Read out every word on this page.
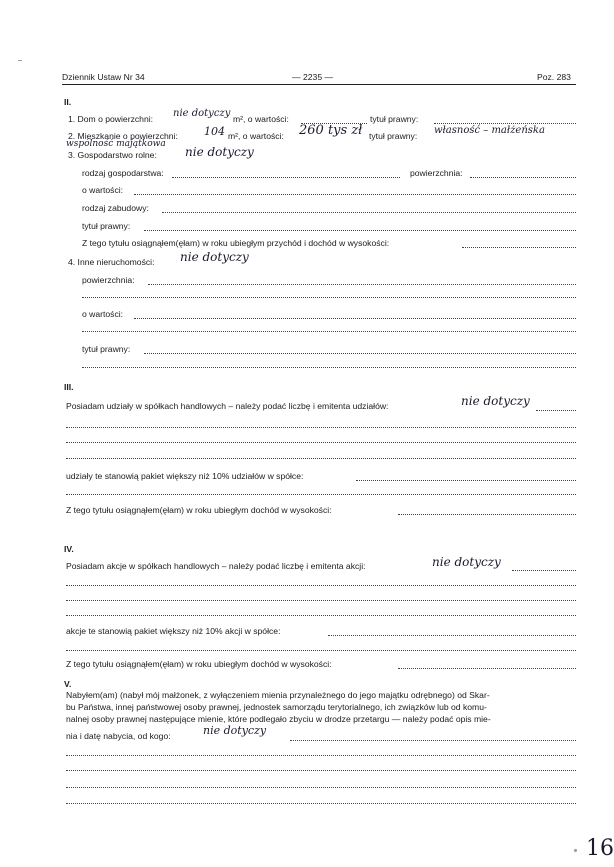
Dziennik Ustaw Nr 34	— 2235 —	Poz. 283
II.
1. Dom o powierzchni: nie dotyczy m², o wartości:	tytuł prawny:
2. Mieszkanie o powierzchni: 104 m², o wartości: 260 tys zł tytuł prawny: własność – małżeńska
wspólność majątkowa
3. Gospodarstwo rolne: nie dotyczy
rodzaj gospodarstwa:	powierzchnia:
o wartości:
rodzaj zabudowy:
tytuł prawny:
Z tego tytułu osiągnąłem(ęłam) w roku ubiegłym przychód i dochód w wysokości:
4. Inne nieruchomości: nie dotyczy
powierzchnia:
o wartości:
tytuł prawny:
III.
Posiadam udziały w spółkach handlowych – należy podać liczbę i emitenta udziałów:	nie dotyczy
udziały te stanowią pakiet większy niż 10% udziałów w spółce:
Z tego tytułu osiągnąłem(ęłam) w roku ubiegłym dochód w wysokości:
IV.
Posiadam akcje w spółkach handlowych – należy podać liczbę i emitenta akcji:	nie dotyczy
akcje te stanowią pakiet większy niż 10% akcji w spółce:
Z tego tytułu osiągnąłem(ęłam) w roku ubiegłym dochód w wysokości:
V.
Nabyłem(am) (nabył mój małżonek, z wyłączeniem mienia przynależnego do jego majątku odrębnego) od Skar-
bu Państwa, innej państwowej osoby prawnej, jednostek samorządu terytorialnego, ich związków lub od komu-
nalnej osoby prawnej następujące mienie, które podlegało zbyciu w drodze przetargu — należy podać opis mie-
nia i datę nabycia, od kogo:	nie dotyczy
16
